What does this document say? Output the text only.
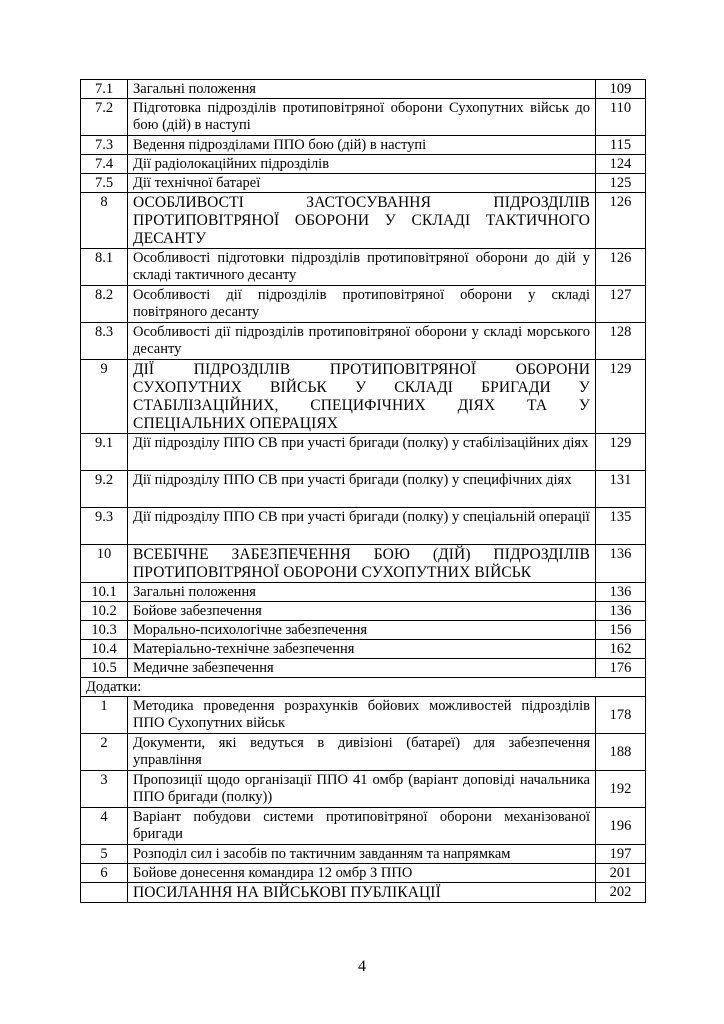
7.1	Загальні положення	109
7.2	Підготовка підрозділів протиповітряної оборони Сухопутних військ до бою (дій) в наступі	110
7.3	Ведення підрозділами ППО бою (дій) в наступі	115
7.4	Дії радіолокаційних підрозділів	124
7.5	Дії технічної батареї	125
8	ОСОБЛИВОСТІ ЗАСТОСУВАННЯ ПІДРОЗДІЛІВ ПРОТИПОВІТРЯНОЇ ОБОРОНИ У СКЛАДІ ТАКТИЧНОГО ДЕСАНТУ	126
8.1	Особливості підготовки підрозділів протиповітряної оборони до дій у складі тактичного десанту	126
8.2	Особливості дії підрозділів протиповітряної оборони у складі повітряного десанту	127
8.3	Особливості дії підрозділів протиповітряної оборони у складі морського десанту	128
9	ДІЇ ПІДРОЗДІЛІВ ПРОТИПОВІТРЯНОЇ ОБОРОНИ СУХОПУТНИХ ВІЙСЬК У СКЛАДІ БРИГАДИ У СТАБІЛІЗАЦІЙНИХ, СПЕЦИФІЧНИХ ДІЯХ ТА У СПЕЦІАЛЬНИХ ОПЕРАЦІЯХ	129
9.1	Дії підрозділу ППО СВ при участі бригади (полку) у стабілізаційних діях	129
9.2	Дії підрозділу ППО СВ при участі бригади (полку) у специфічних діях	131
9.3	Дії підрозділу ППО СВ при участі бригади (полку) у спеціальній операції	135
10	ВСЕБІЧНЕ ЗАБЕЗПЕЧЕННЯ БОЮ (ДІЙ) ПІДРОЗДІЛІВ ПРОТИПОВІТРЯНОЇ ОБОРОНИ СУХОПУТНИХ ВІЙСЬК	136
10.1	Загальні положення	136
10.2	Бойове забезпечення	136
10.3	Морально-психологічне забезпечення	156
10.4	Матеріально-технічне забезпечення	162
10.5	Медичне забезпечення	176
Додатки:		
1	Методика проведення розрахунків бойових можливостей підрозділів ППО Сухопутних військ	178
2	Документи, які ведуться в дивізіоні (батареї) для забезпечення управління	188
3	Пропозиції щодо організації ППО 41 омбр (варіант доповіді начальника ППО бригади (полку))	192
4	Варіант побудови системи протиповітряної оборони механізованої бригади	196
5	Розподіл сил і засобів по тактичним завданням та напрямкам	197
6	Бойове донесення командира 12 омбр З ППО	201
	ПОСИЛАННЯ НА ВІЙСЬКОВІ ПУБЛІКАЦІЇ	202
4
